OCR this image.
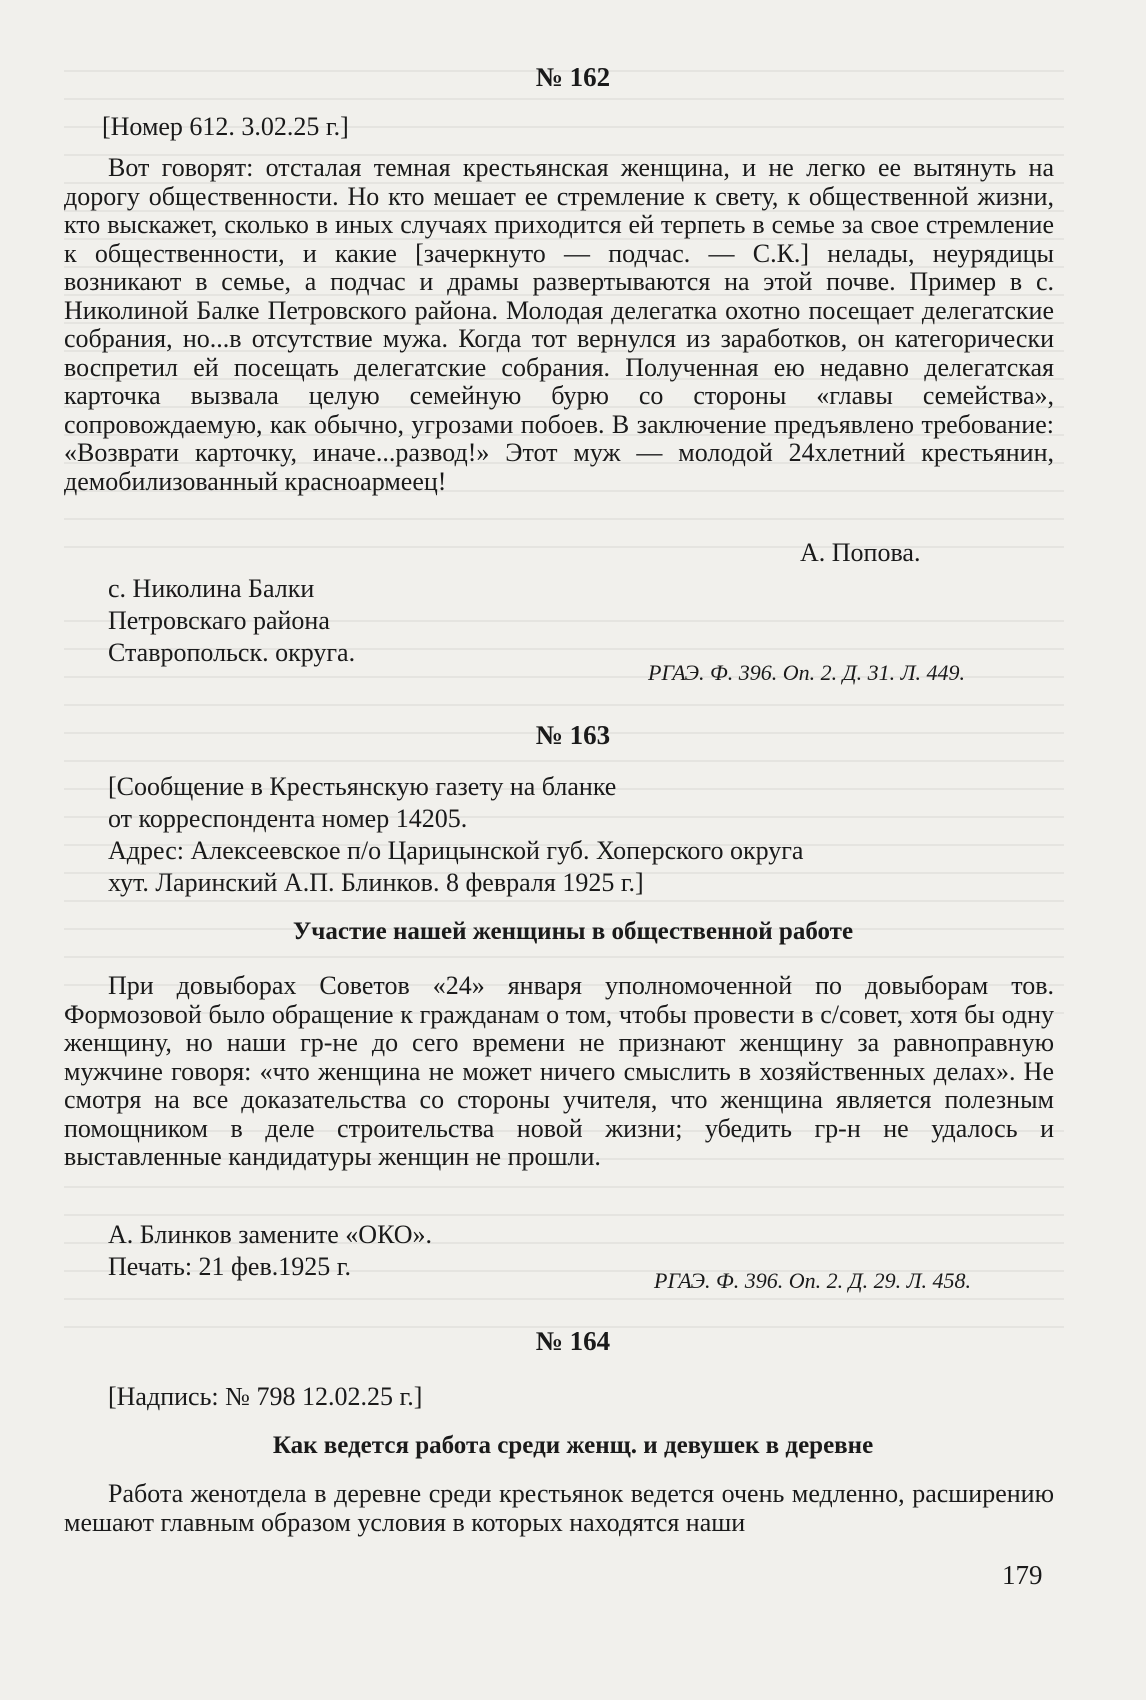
№ 162
[Номер 612. 3.02.25 г.]

Вот говорят: отсталая темная крестьянская женщина, и не легко ее вытянуть на дорогу общественности. Но кто мешает ее стремление к свету, к общественной жизни, кто выскажет, сколько в иных случаях приходится ей терпеть в семье за свое стремление к общественности, и какие [зачеркнуто — подчас. — С.К.] нелады, неурядицы возникают в семье, а подчас и драмы развертываются на этой почве. Пример в с. Николиной Балке Петровского района. Молодая делегатка охотно посещает делегатские собрания, но...в отсутствие мужа. Когда тот вернулся из заработков, он категорически воспретил ей посещать делегатские собрания. Полученная ею недавно делегатская карточка вызвала целую семейную бурю со стороны «главы семейства», сопровождаемую, как обычно, угрозами побоев. В заключение предъявлено требование: «Возврати карточку, иначе...развод!» Этот муж — молодой 24хлетний крестьянин, демобилизованный красноармеец!

А. Попова.
с. Николина Балки
Петровскаго района
Ставропольск. округа.
РГАЭ. Ф. 396. Оп. 2. Д. 31. Л. 449.
№ 163
[Сообщение в Крестьянскую газету на бланке
от корреспондента номер 14205.
Адрес: Алексеевское п/о Царицынской губ. Хоперского округа
хут. Ларинский А.П. Блинков. 8 февраля 1925 г.]
Участие нашей женщины в общественной работе

При довыборах Советов «24» января уполномоченной по довыборам тов. Формозовой было обращение к гражданам о том, чтобы провести в с/совет, хотя бы одну женщину, но наши гр-не до сего времени не признают женщину за равноправную мужчине говоря: «что женщина не может ничего смыслить в хозяйственных делах». Не смотря на все доказательства со стороны учителя, что женщина является полезным помощником в деле строительства новой жизни; убедить гр-н не удалось и выставленные кандидатуры женщин не прошли.

А. Блинков замените «ОКО».
Печать: 21 фев.1925 г.	РГАЭ. Ф. 396. Оп. 2. Д. 29. Л. 458.
№ 164
[Надпись: № 798 12.02.25 г.]
Как ведется работа среди женщ. и девушек в деревне

Работа женотдела в деревне среди крестьянок ведется очень медленно, расширению мешают главным образом условия в которых находятся наши

179
